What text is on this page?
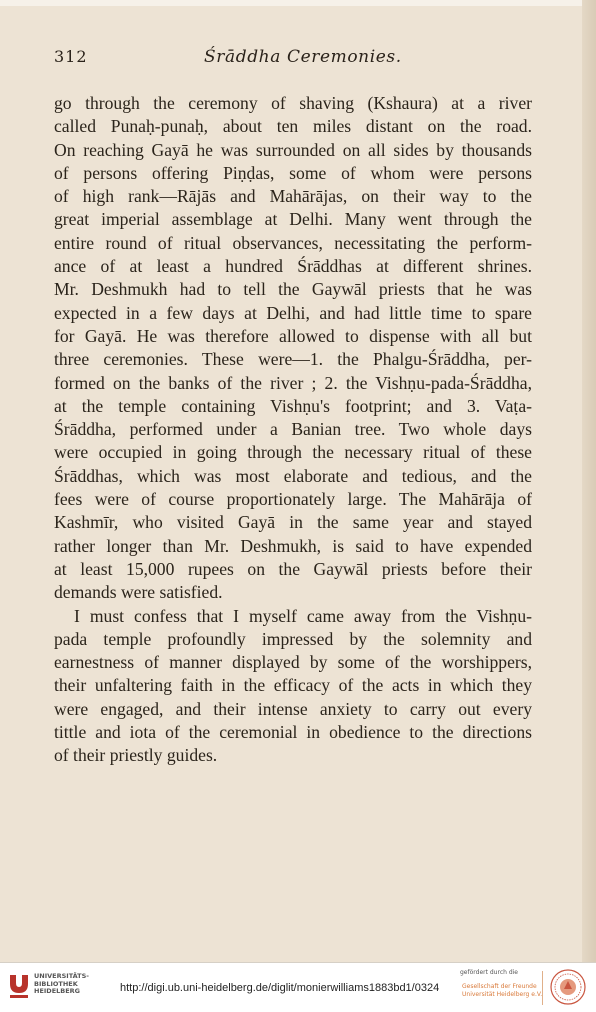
312	Śrāddha Ceremonies.
go through the ceremony of shaving (Kshaura) at a river
called Punaḥ-punaḥ, about ten miles distant on the road.
On reaching Gayā he was surrounded on all sides by thousands
of persons offering Piṇḍas, some of whom were persons
of high rank—Rājās and Mahārājas, on their way to the
great imperial assemblage at Delhi. Many went through the
entire round of ritual observances, necessitating the perform-
ance of at least a hundred Śrāddhas at different shrines.
Mr. Deshmukh had to tell the Gaywāl priests that he was
expected in a few days at Delhi, and had little time to spare
for Gayā. He was therefore allowed to dispense with all but
three ceremonies. These were—1. the Phalgu-Śrāddha, per-
formed on the banks of the river ; 2. the Vishṇu-pada-Śrāddha,
at the temple containing Vishṇu's footprint; and 3. Vaṭa-
Śrāddha, performed under a Banian tree. Two whole days
were occupied in going through the necessary ritual of these
Śrāddhas, which was most elaborate and tedious, and the
fees were of course proportionately large. The Mahārāja of
Kashmīr, who visited Gayā in the same year and stayed
rather longer than Mr. Deshmukh, is said to have expended
at least 15,000 rupees on the Gaywāl priests before their
demands were satisfied.
I must confess that I myself came away from the Vishṇu-
pada temple profoundly impressed by the solemnity and
earnestness of manner displayed by some of the worshippers,
their unfaltering faith in the efficacy of the acts in which they
were engaged, and their intense anxiety to carry out every
tittle and iota of the ceremonial in obedience to the directions
of their priestly guides.
UNIVERSITÄTS-
BIBLIOTHEK
HEIDELBERG	http://digi.ub.uni-heidelberg.de/diglit/monierwilliams1883bd1/0324
gefördert durch die
Gesellschaft der Freunde
Universität Heidelberg e.V.
